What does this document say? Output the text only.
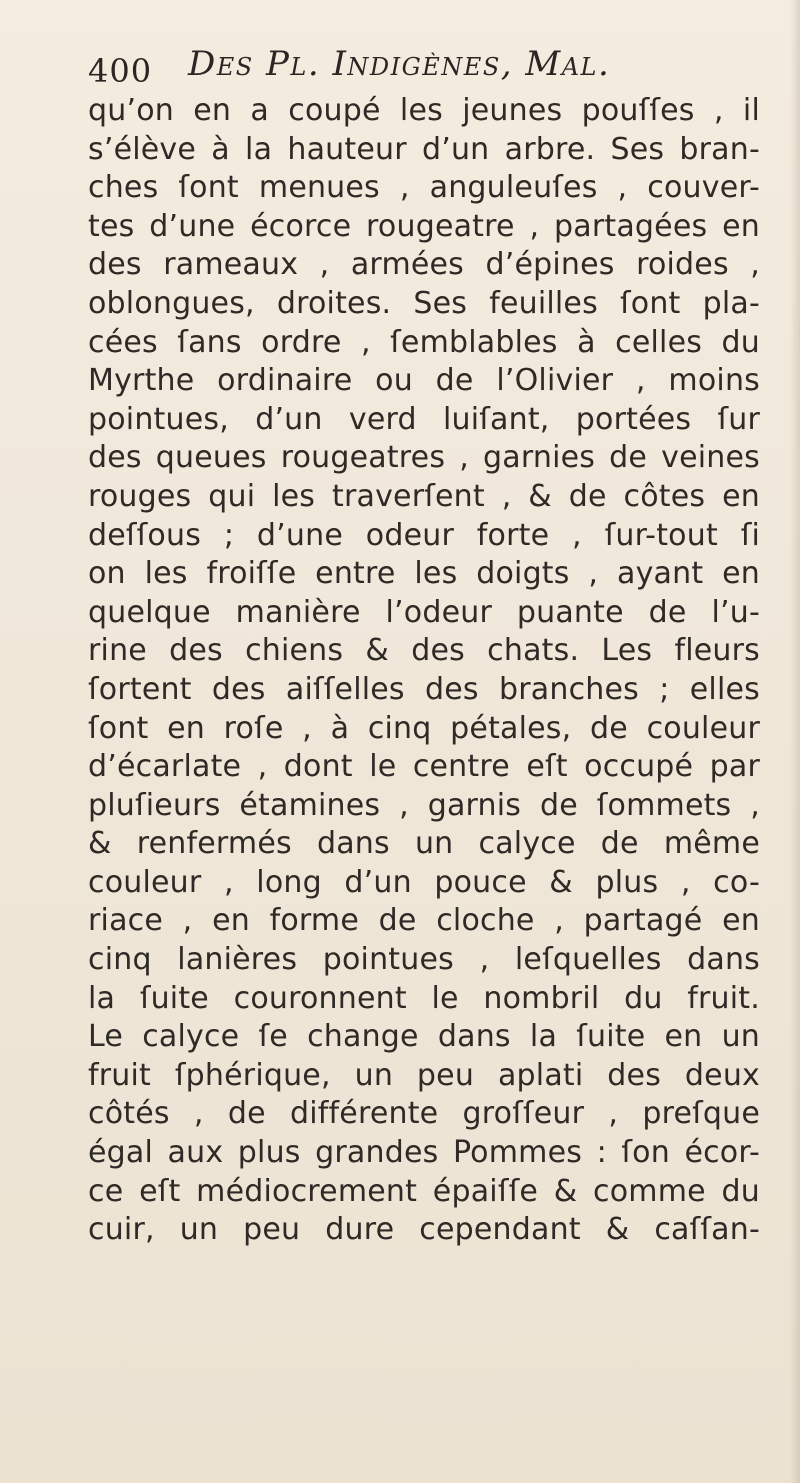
400 Des Pl. Indigènes, Mal.
qu’on en a coupé les jeunes pouſſes , il
s’élève à la hauteur d’un arbre. Ses bran-
ches ſont menues , anguleuſes , couver-
tes d’une écorce rougeatre , partagées en
des rameaux , armées d’épines roides ,
oblongues, droites. Ses feuilles ſont pla-
cées ſans ordre , ſemblables à celles du
Myrthe ordinaire ou de l’Olivier , moins
pointues, d’un verd luiſant, portées ſur
des queues rougeatres , garnies de veines
rouges qui les traverſent , & de côtes en
deſſous ; d’une odeur forte , ſur-tout ſi
on les froiſſe entre les doigts , ayant en
quelque manière l’odeur puante de l’u-
rine des chiens & des chats. Les fleurs
ſortent des aiſſelles des branches ; elles
ſont en roſe , à cinq pétales, de couleur
d’écarlate , dont le centre eſt occupé par
pluſieurs étamines , garnis de ſommets ,
& renfermés dans un calyce de même
couleur , long d’un pouce & plus , co-
riace , en forme de cloche , partagé en
cinq lanières pointues , leſquelles dans
la ſuite couronnent le nombril du fruit.
Le calyce ſe change dans la ſuite en un
fruit ſphérique, un peu aplati des deux
côtés , de différente groſſeur , preſque
égal aux plus grandes Pommes : ſon écor-
ce eſt médiocrement épaiſſe & comme du
cuir, un peu dure cependant & caſſan-
